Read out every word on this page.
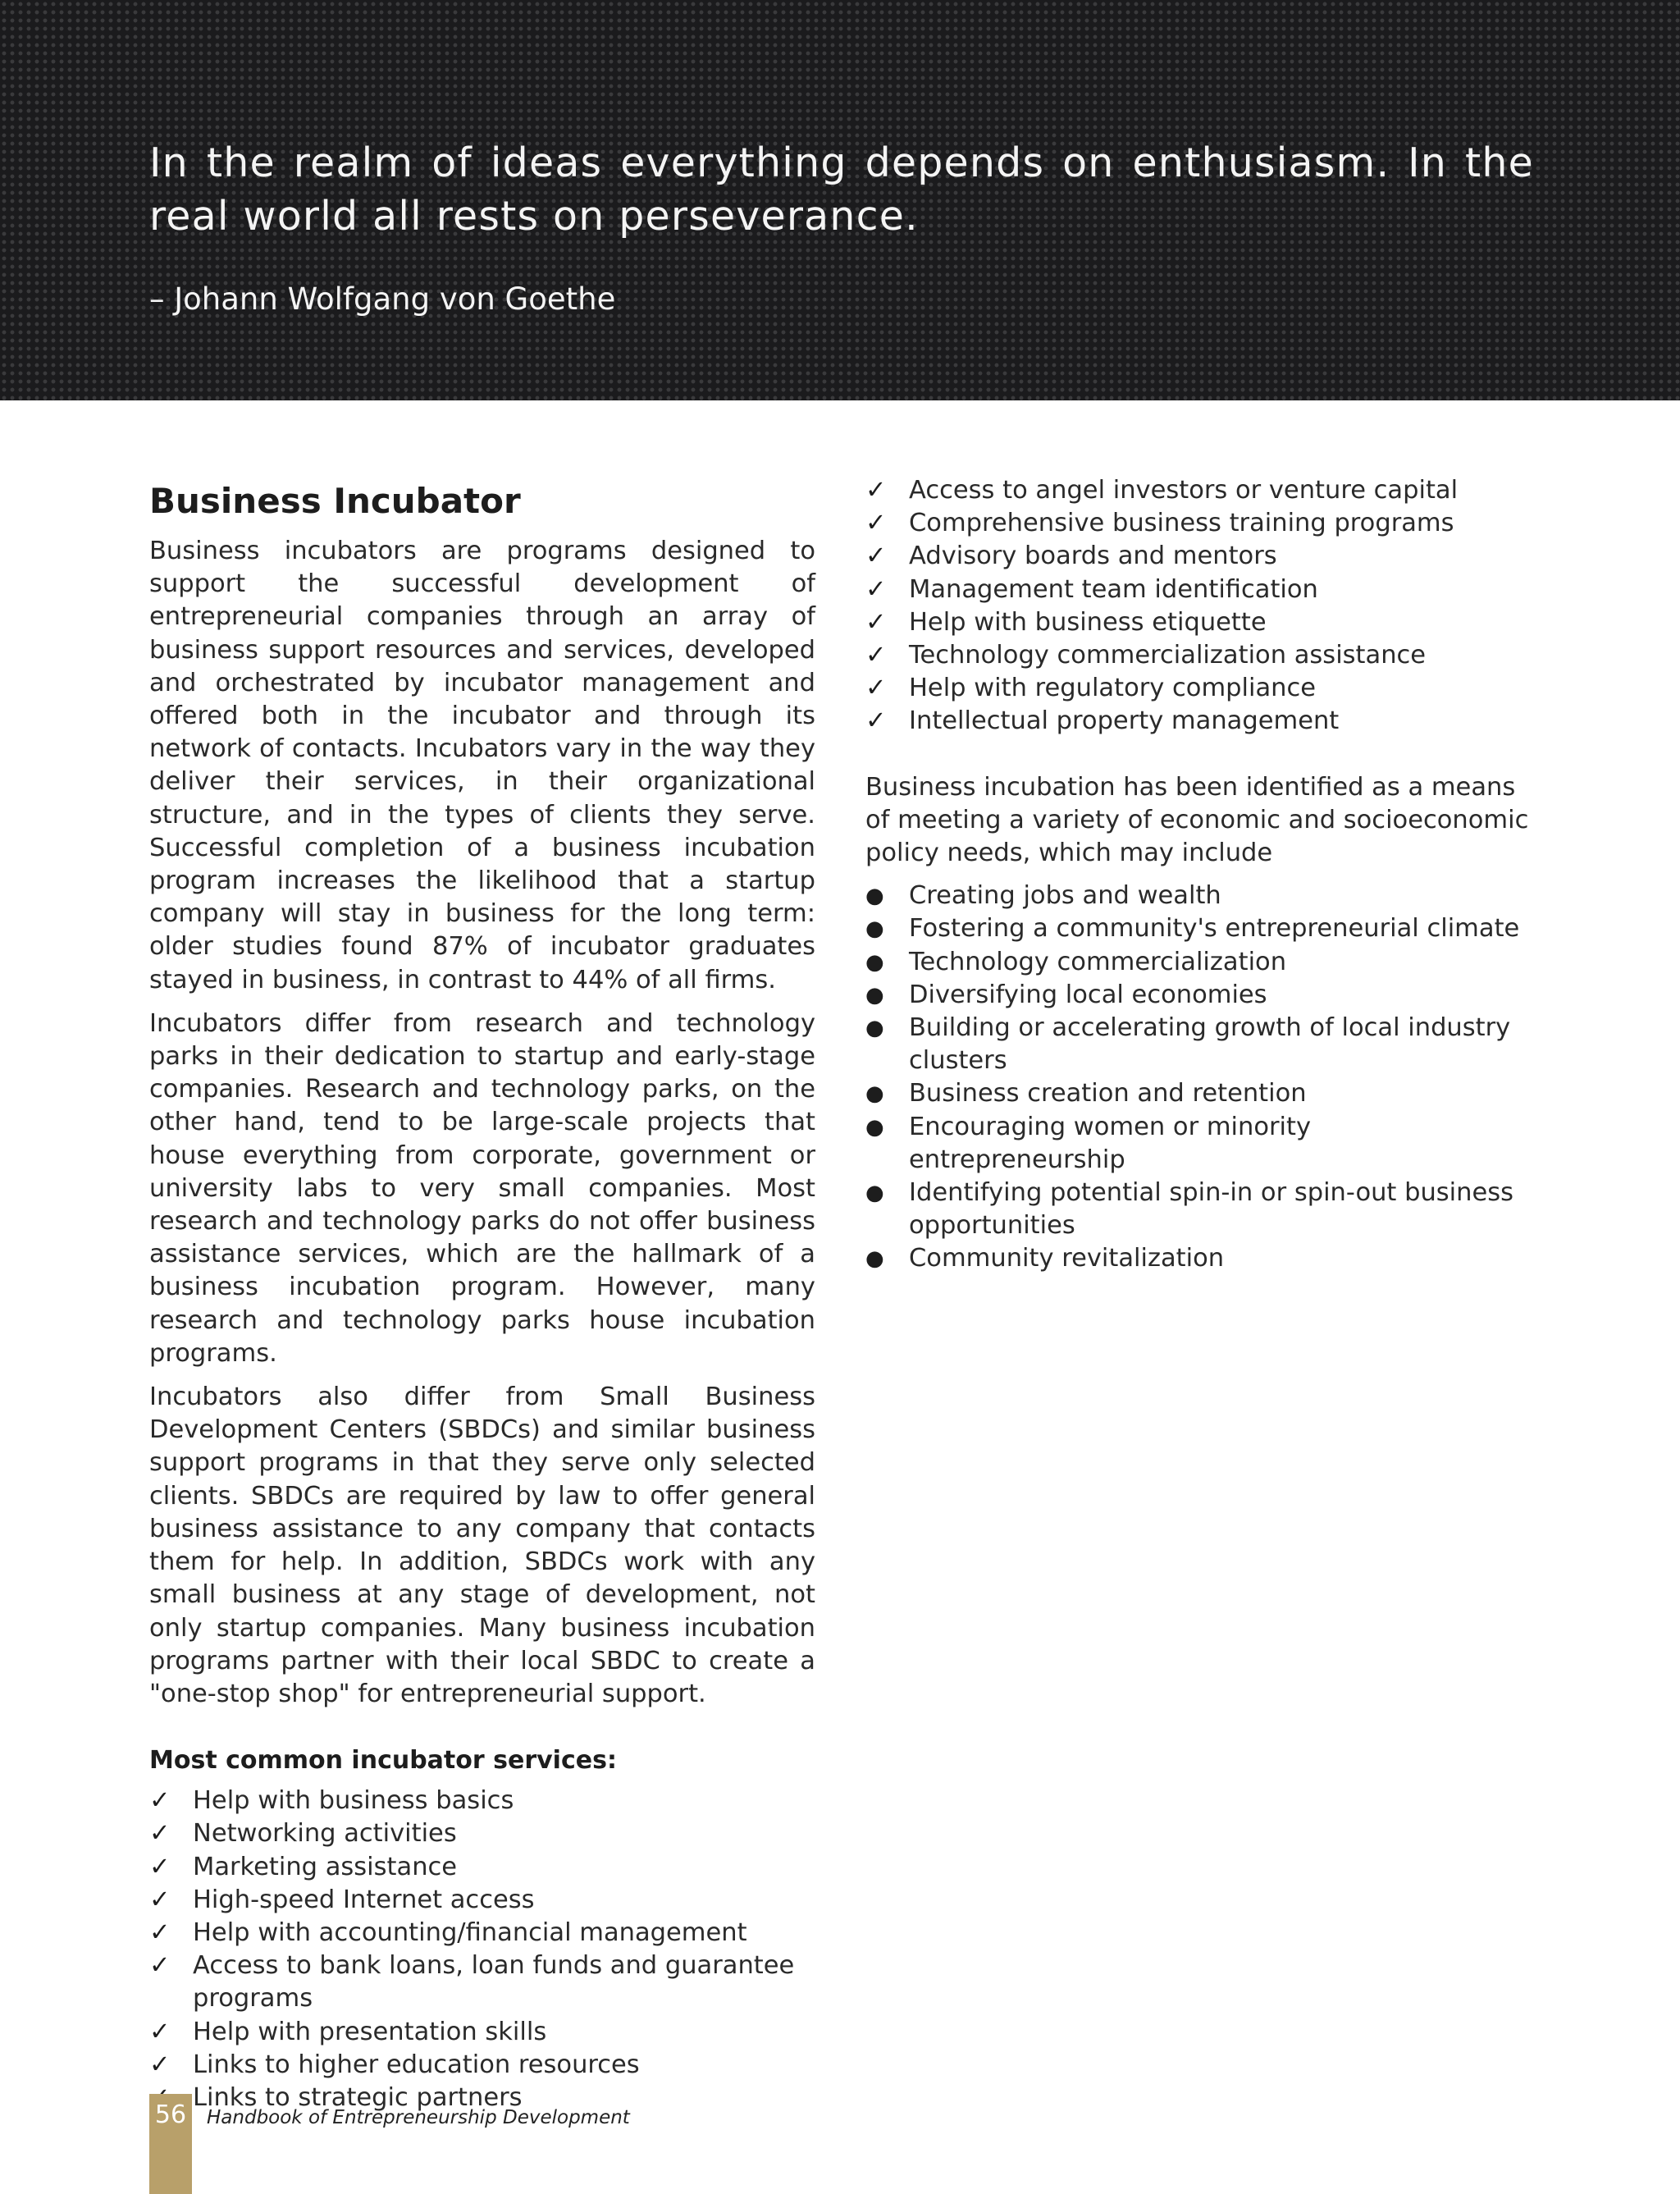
In the realm of ideas everything depends on enthusiasm. In the real world all rests on perseverance.

– Johann Wolfgang von Goethe

Business Incubator

Business incubators are programs designed to support the successful development of entrepreneurial companies through an array of business support resources and services, developed and orchestrated by incubator management and offered both in the incubator and through its network of contacts. Incubators vary in the way they deliver their services, in their organizational structure, and in the types of clients they serve. Successful completion of a business incubation program increases the likelihood that a startup company will stay in business for the long term: older studies found 87% of incubator graduates stayed in business, in contrast to 44% of all firms.

Incubators differ from research and technology parks in their dedication to startup and early-stage companies. Research and technology parks, on the other hand, tend to be large-scale projects that house everything from corporate, government or university labs to very small companies. Most research and technology parks do not offer business assistance services, which are the hallmark of a business incubation program. However, many research and technology parks house incubation programs.

Incubators also differ from Small Business Development Centers (SBDCs) and similar business support programs in that they serve only selected clients. SBDCs are required by law to offer general business assistance to any company that contacts them for help. In addition, SBDCs work with any small business at any stage of development, not only startup companies. Many business incubation programs partner with their local SBDC to create a "one-stop shop" for entrepreneurial support.

Most common incubator services:
✓ Help with business basics
✓ Networking activities
✓ Marketing assistance
✓ High-speed Internet access
✓ Help with accounting/financial management
✓ Access to bank loans, loan funds and guarantee programs
✓ Help with presentation skills
✓ Links to higher education resources
Links to strategic partners
✓ Access to angel investors or venture capital
✓ Comprehensive business training programs
✓ Advisory boards and mentors
✓ Management team identification
✓ Help with business etiquette
✓ Technology commercialization assistance
✓ Help with regulatory compliance
✓ Intellectual property management

Business incubation has been identified as a means of meeting a variety of economic and socioeconomic policy needs, which may include

● Creating jobs and wealth
● Fostering a community's entrepreneurial climate
● Technology commercialization
● Diversifying local economies
● Building or accelerating growth of local industry clusters
● Business creation and retention
● Encouraging women or minority entrepreneurship
● Identifying potential spin-in or spin-out business opportunities
● Community revitalization
56	Handbook of Entrepreneurship Development
